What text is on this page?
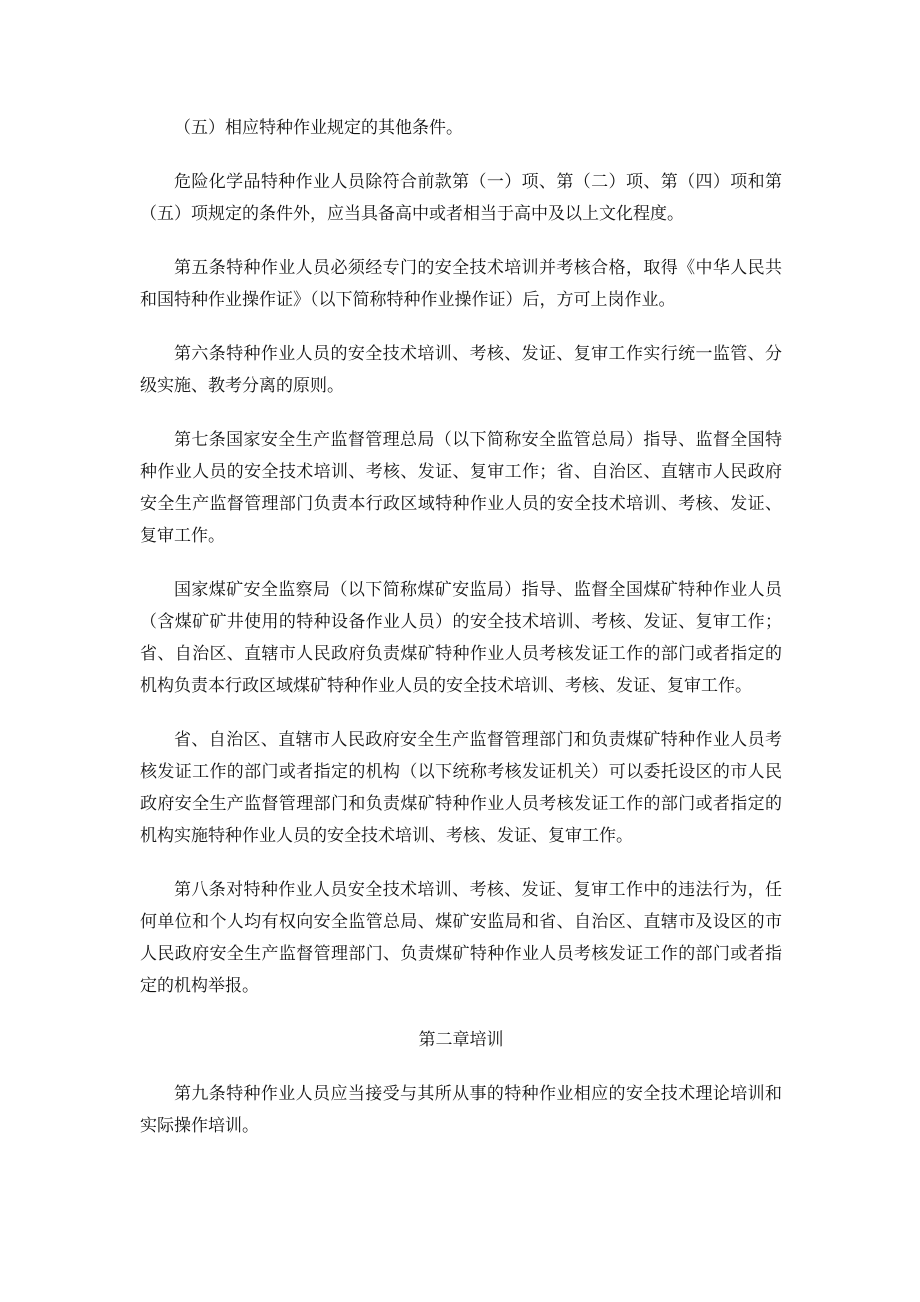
（五）相应特种作业规定的其他条件。

危险化学品特种作业人员除符合前款第（一）项、第（二）项、第（四）项和第（五）项规定的条件外，应当具备高中或者相当于高中及以上文化程度。

第五条特种作业人员必须经专门的安全技术培训并考核合格，取得《中华人民共和国特种作业操作证》（以下简称特种作业操作证）后，方可上岗作业。

第六条特种作业人员的安全技术培训、考核、发证、复审工作实行统一监管、分级实施、教考分离的原则。

第七条国家安全生产监督管理总局（以下简称安全监管总局）指导、监督全国特种作业人员的安全技术培训、考核、发证、复审工作；省、自治区、直辖市人民政府安全生产监督管理部门负责本行政区域特种作业人员的安全技术培训、考核、发证、复审工作。

国家煤矿安全监察局（以下简称煤矿安监局）指导、监督全国煤矿特种作业人员（含煤矿矿井使用的特种设备作业人员）的安全技术培训、考核、发证、复审工作；省、自治区、直辖市人民政府负责煤矿特种作业人员考核发证工作的部门或者指定的机构负责本行政区域煤矿特种作业人员的安全技术培训、考核、发证、复审工作。

省、自治区、直辖市人民政府安全生产监督管理部门和负责煤矿特种作业人员考核发证工作的部门或者指定的机构（以下统称考核发证机关）可以委托设区的市人民政府安全生产监督管理部门和负责煤矿特种作业人员考核发证工作的部门或者指定的机构实施特种作业人员的安全技术培训、考核、发证、复审工作。

第八条对特种作业人员安全技术培训、考核、发证、复审工作中的违法行为，任何单位和个人均有权向安全监管总局、煤矿安监局和省、自治区、直辖市及设区的市人民政府安全生产监督管理部门、负责煤矿特种作业人员考核发证工作的部门或者指定的机构举报。

第二章培训

第九条特种作业人员应当接受与其所从事的特种作业相应的安全技术理论培训和实际操作培训。
